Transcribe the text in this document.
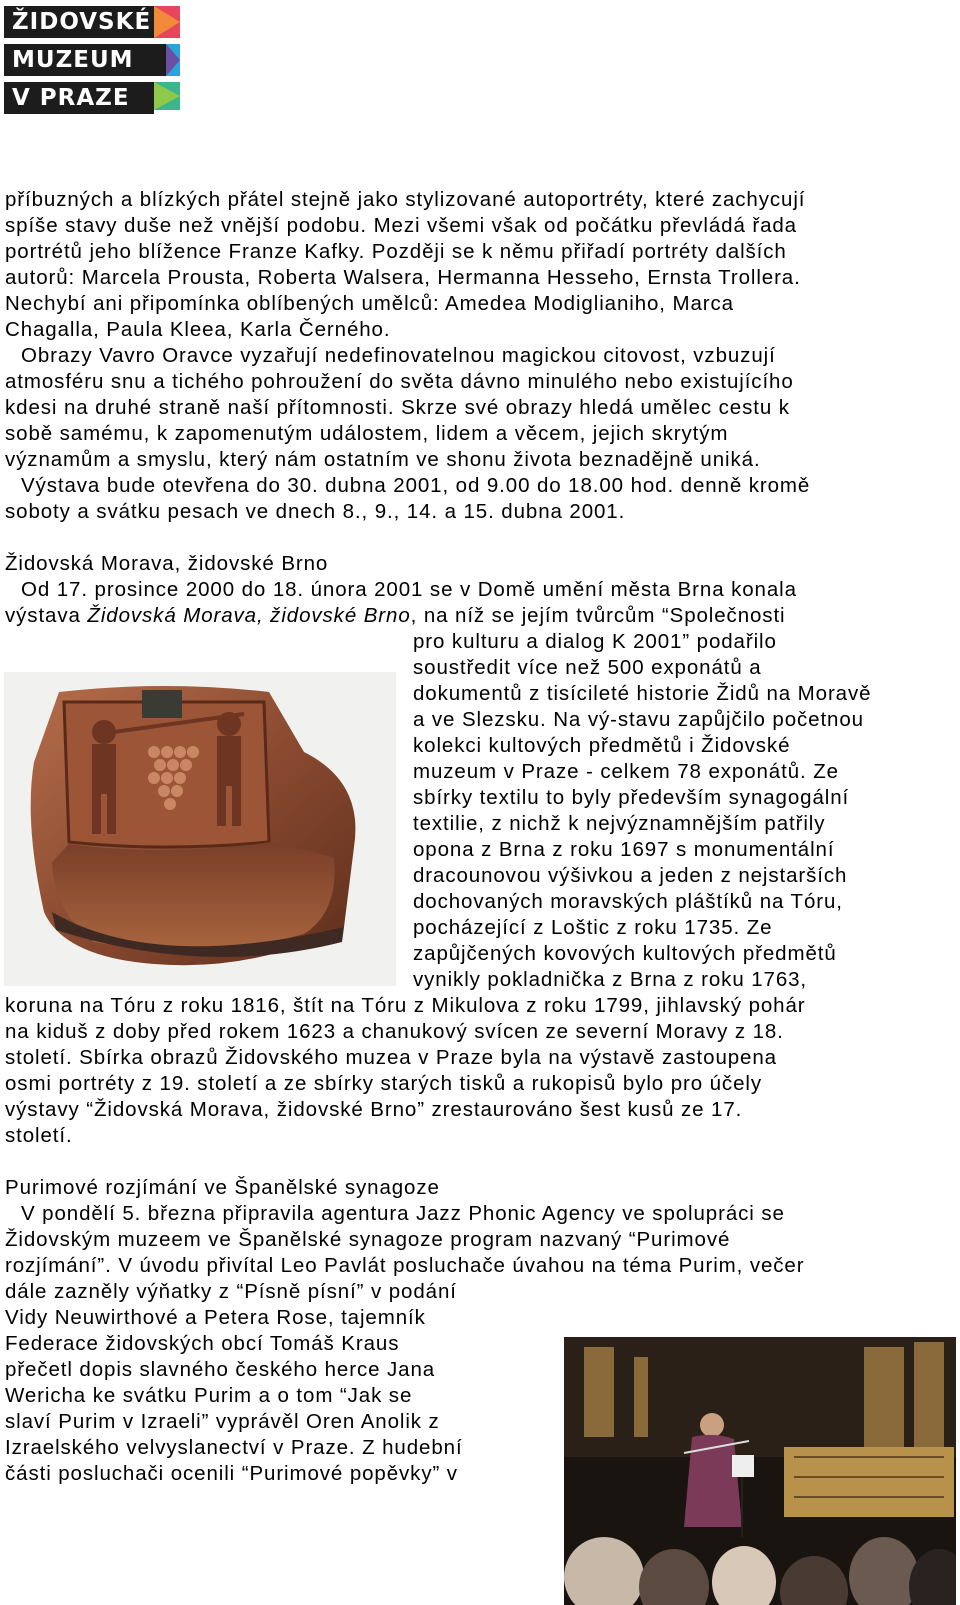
ŽIDOVSKÉ
MUZEUM
V PRAZE
příbuzných a blízkých přátel stejně jako stylizované autoportréty, které zachycují
spíše stavy duše než vnější podobu. Mezi všemi však od počátku převládá řada
portrétů jeho blížence Franze Kafky. Později se k němu přiřadí portréty dalších
autorů: Marcela Prousta, Roberta Walsera, Hermanna Hesseho, Ernsta Trollera.
Nechybí ani připomínka oblíbených umělců: Amedea Modiglianiho, Marca
Chagalla, Paula Kleea, Karla Černého.
Obrazy Vavro Oravce vyzařují nedefinovatelnou magickou citovost, vzbuzují
atmosféru snu a tichého pohroužení do světa dávno minulého nebo existujícího
kdesi na druhé straně naší přítomnosti. Skrze své obrazy hledá umělec cestu k
sobě samému, k zapomenutým událostem, lidem a věcem, jejich skrytým
významům a smyslu, který nám ostatním ve shonu života beznadějně uniká.
Výstava bude otevřena do 30. dubna 2001, od 9.00 do 18.00 hod. denně kromě
soboty a svátku pesach ve dnech 8., 9., 14. a 15. dubna 2001.
Židovská Morava, židovské Brno
Od 17. prosince 2000 do 18. února 2001 se v Domě umění města Brna konala
výstava Židovská Morava, židovské Brno, na níž se jejím tvůrcům “Společnosti
pro kulturu a dialog K 2001” podařilo
soustředit více než 500 exponátů a
dokumentů z tisícileté historie Židů na Moravě
a ve Slezsku. Na vý-stavu zapůjčilo početnou
kolekci kultových předmětů i Židovské
muzeum v Praze - celkem 78 exponátů. Ze
sbírky textilu to byly především synagogální
textilie, z nichž k nejvýznamnějším patřily
opona z Brna z roku 1697 s monumentální
dracounovou výšivkou a jeden z nejstarších
dochovaných moravských pláštíků na Tóru,
pocházející z Loštic z roku 1735. Ze
zapůjčených kovových kultových předmětů
vynikly pokladnička z Brna z roku 1763,
koruna na Tóru z roku 1816, štít na Tóru z Mikulova z roku 1799, jihlavský pohár
na kiduš z doby před rokem 1623 a chanukový svícen ze severní Moravy z 18.
století. Sbírka obrazů Židovského muzea v Praze byla na výstavě zastoupena
osmi portréty z 19. století a ze sbírky starých tisků a rukopisů bylo pro účely
výstavy “Židovská Morava, židovské Brno” zrestaurováno šest kusů ze 17.
století.
Purimové rozjímání ve Španělské synagoze
V pondělí 5. března připravila agentura Jazz Phonic Agency ve spolupráci se
Židovským muzeem ve Španělské synagoze program nazvaný “Purimové
rozjímání”. V úvodu přivítal Leo Pavlát posluchače úvahou na téma Purim, večer
dále zazněly výňatky z “Písně písní” v podání
Vidy Neuwirthové a Petera Rose, tajemník
Federace židovských obcí Tomáš Kraus
přečetl dopis slavného českého herce Jana
Wericha ke svátku Purim a o tom “Jak se
slaví Purim v Izraeli” vyprávěl Oren Anolik z
Izraelského velvyslanectví v Praze. Z hudební
části posluchači ocenili “Purimové popěvky” v
